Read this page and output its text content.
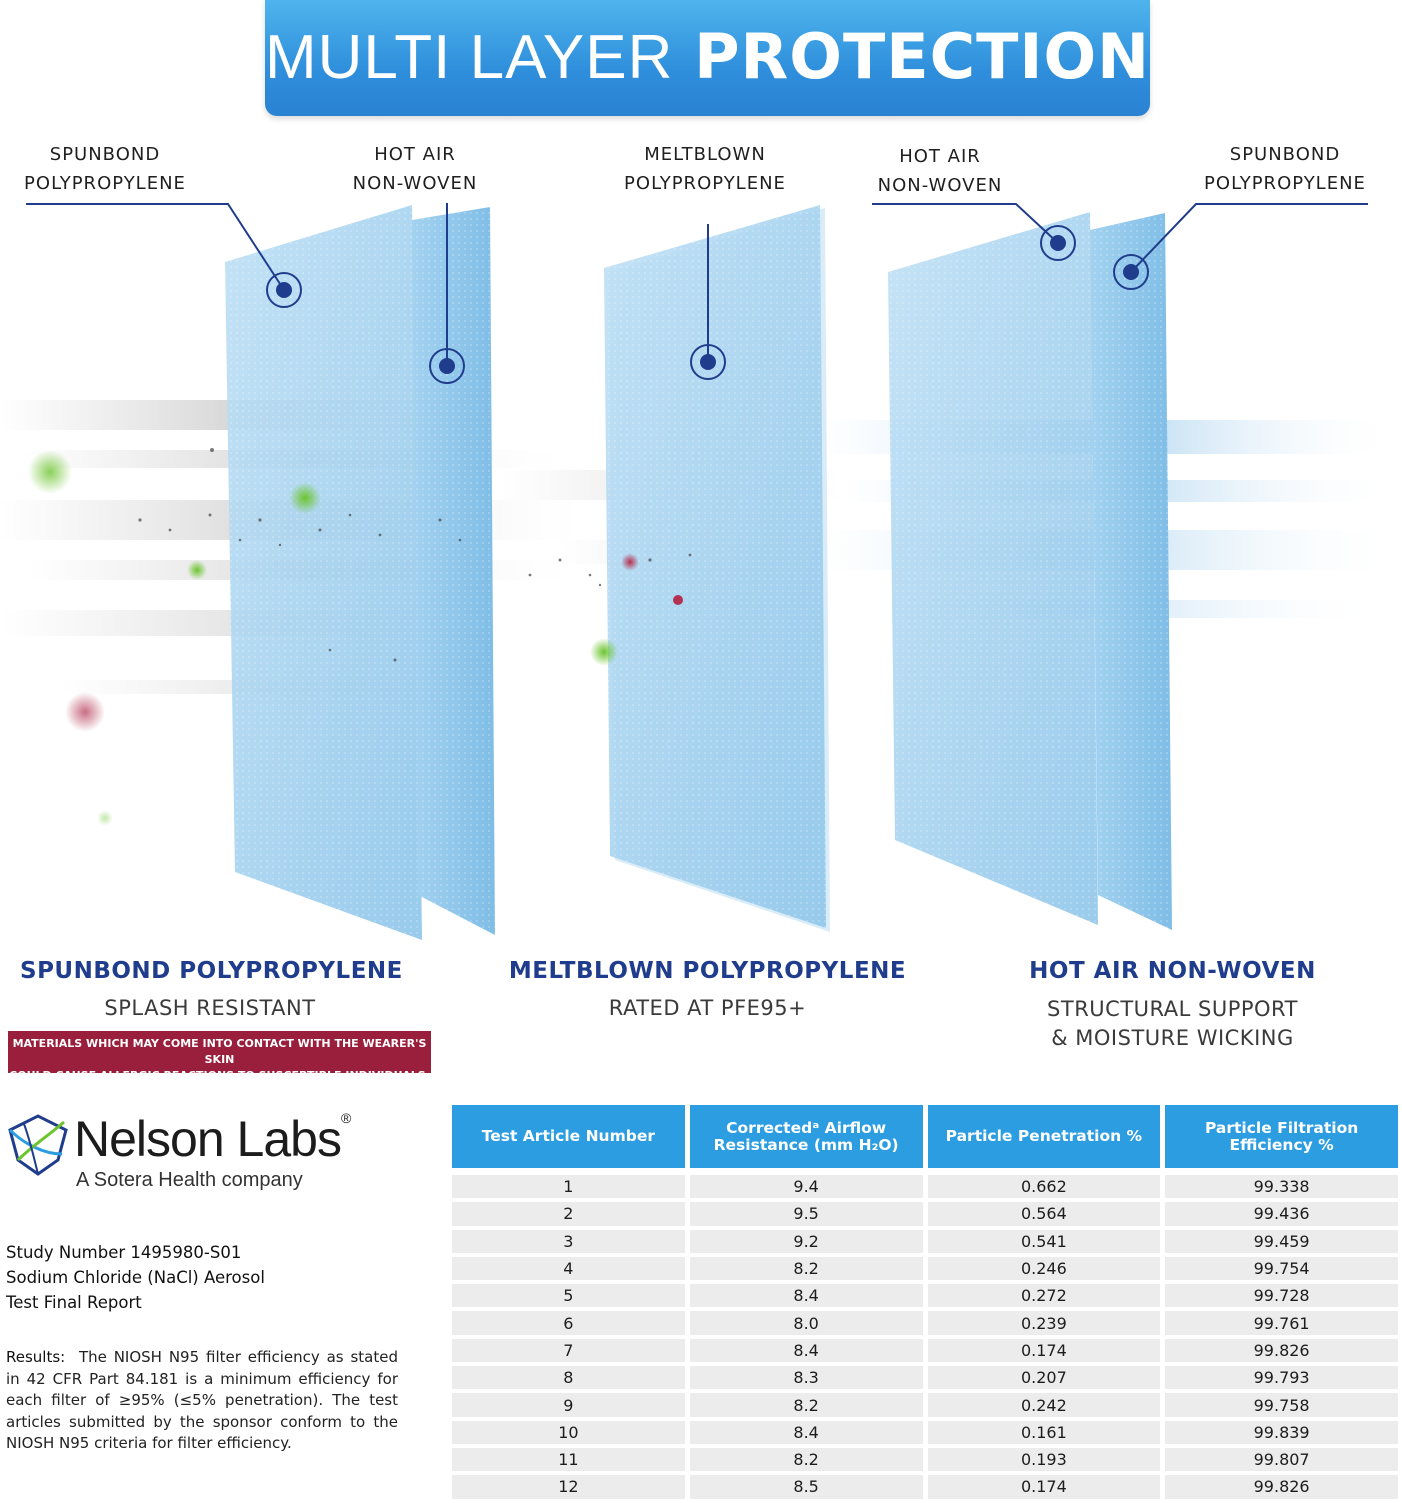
MULTI LAYER PROTECTION
SPUNBOND
POLYPROPYLENE
HOT AIR
NON-WOVEN
MELTBLOWN
POLYPROPYLENE
HOT AIR
NON-WOVEN
SPUNBOND
POLYPROPYLENE
SPUNBOND POLYPROPYLENE
SPLASH RESISTANT
MELTBLOWN POLYPROPYLENE
RATED AT PFE95+
HOT AIR NON-WOVEN
STRUCTURAL SUPPORT
& MOISTURE WICKING
MATERIALS WHICH MAY COME INTO CONTACT WITH THE WEARER'S SKIN
COULD CAUSE ALLERGIC REACTIONS TO SUSCEPTIBLE INDIVIDUALS.
Nelson Labs®
A Sotera Health company
Study Number 1495980-S01
Sodium Chloride (NaCl) Aerosol
Test Final Report
Results: The NIOSH N95 filter efficiency as stated in 42 CFR Part 84.181 is a minimum efficiency for each filter of ≥95% (≤5% penetration). The test articles submitted by the sponsor conform to the NIOSH N95 criteria for filter efficiency.
Test Article Number	Correctedᵃ Airflow Resistance (mm H₂O)	Particle Penetration %	Particle Filtration Efficiency %
1	9.4	0.662	99.338
2	9.5	0.564	99.436
3	9.2	0.541	99.459
4	8.2	0.246	99.754
5	8.4	0.272	99.728
6	8.0	0.239	99.761
7	8.4	0.174	99.826
8	8.3	0.207	99.793
9	8.2	0.242	99.758
10	8.4	0.161	99.839
11	8.2	0.193	99.807
12	8.5	0.174	99.826
